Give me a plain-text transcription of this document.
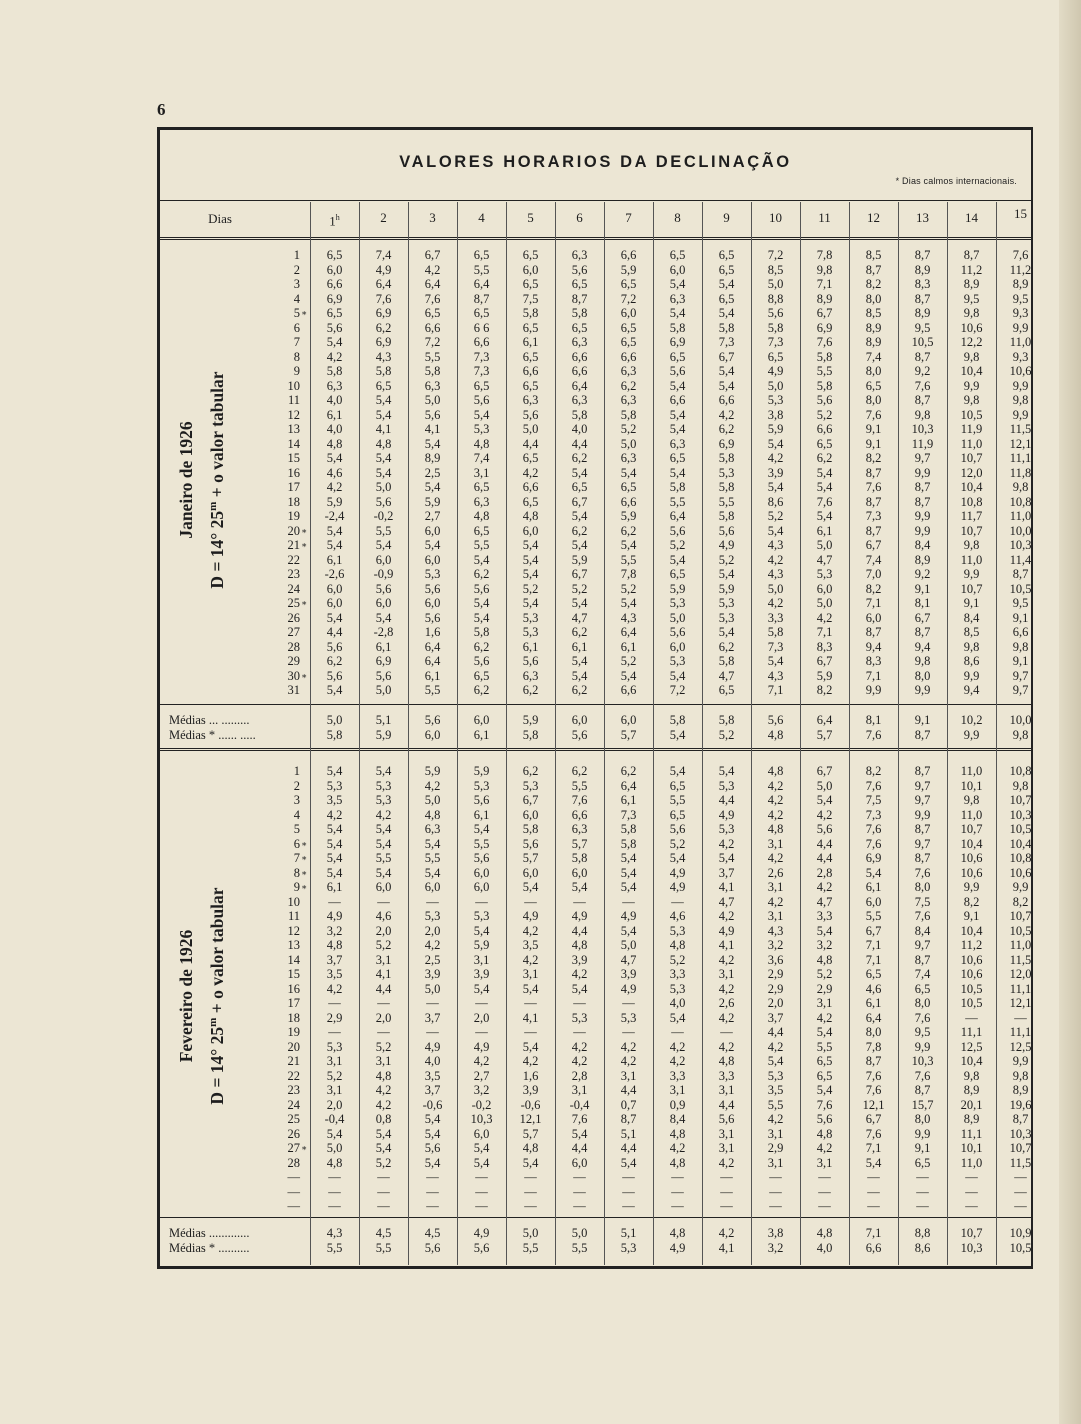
6
VALORES HORARIOS DA DECLINAÇÃO
* Dias calmos internacionais.
Dias	1$^h$	2	3	4	5	6	7	8	9	10	11	12	13	14	15
Janeiro de 1926
D = 14° $25^m + o$ valor tabular
1	6,5	7,4	6,7	6,5	6,5	6,3	6,6	6,5	6,5	7,2	7,8	8,5	8,7	8,7	7,6
2	6,0	4,9	4,2	5,5	6,0	5,6	5,9	6,0	6,5	8,5	9,8	8,7	8,9	11,2	11,2
3	6,6	6,4	6,4	6,4	6,5	6,5	6,5	5,4	5,4	5,0	7,1	8,2	8,3	8,9	8,9
4	6,9	7,6	7,6	8,7	7,5	8,7	7,2	6,3	6,5	8,8	8,9	8,0	8,7	9,5	9,5
5 ∗	6,5	6,9	6,5	6,5	5,8	5,8	6,0	5,4	5,4	5,6	6,7	8,5	8,9	9,8	9,3
6	5,6	6,2	6,6	6 6	6,5	6,5	6,5	5,8	5,8	5,8	6,9	8,9	9,5	10,6	9,9
7	5,4	6,9	7,2	6,6	6,1	6,3	6,5	6,9	7,3	7,3	7,6	8,9	10,5	12,2	11,0
8	4,2	4,3	5,5	7,3	6,5	6,6	6,6	6,5	6,7	6,5	5,8	7,4	8,7	9,8	9,3
9	5,8	5,8	5,8	7,3	6,6	6,6	6,3	5,6	5,4	4,9	5,5	8,0	9,2	10,4	10,6
10	6,3	6,5	6,3	6,5	6,5	6,4	6,2	5,4	5,4	5,0	5,8	6,5	7,6	9,9	9,9
11	4,0	5,4	5,0	5,6	6,3	6,3	6,3	6,6	6,6	5,3	5,6	8,0	8,7	9,8	9,8
12	6,1	5,4	5,6	5,4	5,6	5,8	5,8	5,4	4,2	3,8	5,2	7,6	9,8	10,5	9,9
13	4,0	4,1	4,1	5,3	5,0	4,0	5,2	5,4	6,2	5,9	6,6	9,1	10,3	11,9	11,5
14	4,8	4,8	5,4	4,8	4,4	4,4	5,0	6,3	6,9	5,4	6,5	9,1	11,9	11,0	12,1
15	5,4	5,4	8,9	7,4	6,5	6,2	6,3	6,5	5,8	4,2	6,2	8,2	9,7	10,7	11,1
16	4,6	5,4	2,5	3,1	4,2	5,4	5,4	5,4	5,3	3,9	5,4	8,7	9,9	12,0	11,8
17	4,2	5,0	5,4	6,5	6,6	6,5	6,5	5,8	5,8	5,4	5,4	7,6	8,7	10,4	9,8
18	5,9	5,6	5,9	6,3	6,5	6,7	6,6	5,5	5,5	8,6	7,6	8,7	8,7	10,8	10,8
19	-2,4	-0,2	2,7	4,8	4,8	5,4	5,9	6,4	5,8	5,2	5,4	7,3	9,9	11,7	11,0
20 ∗	5,4	5,5	6,0	6,5	6,0	6,2	6,2	5,6	5,6	5,4	6,1	8,7	9,9	10,7	10,0
21 ∗	5,4	5,4	5,4	5,5	5,4	5,4	5,4	5,2	4,9	4,3	5,0	6,7	8,4	9,8	10,3
22	6,1	6,0	6,0	5,4	5,4	5,9	5,5	5,4	5,2	4,2	4,7	7,4	8,9	11,0	11,4
23	-2,6	-0,9	5,3	6,2	5,4	6,7	7,8	6,5	5,4	4,3	5,3	7,0	9,2	9,9	8,7
24	6,0	5,6	5,6	5,6	5,2	5,2	5,2	5,9	5,9	5,0	6,0	8,2	9,1	10,7	10,5
25 ∗	6,0	6,0	6,0	5,4	5,4	5,4	5,4	5,3	5,3	4,2	5,0	7,1	8,1	9,1	9,5
26	5,4	5,4	5,6	5,4	5,3	4,7	4,3	5,0	5,3	3,3	4,2	6,0	6,7	8,4	9,1
27	4,4	-2,8	1,6	5,8	5,3	6,2	6,4	5,6	5,4	5,8	7,1	8,7	8,7	8,5	6,6
28	5,6	6,1	6,4	6,2	6,1	6,1	6,1	6,0	6,2	7,3	8,3	9,4	9,4	9,8	9,8
29	6,2	6,9	6,4	5,6	5,6	5,4	5,2	5,3	5,8	5,4	6,7	8,3	9,8	8,6	9,1
30 ∗	5,6	5,6	6,1	6,5	6,3	5,4	5,4	5,4	4,7	4,3	5,9	7,1	8,0	9,9	9,7
31	5,4	5,0	5,5	6,2	6,2	6,2	6,6	7,2	6,5	7,1	8,2	9,9	9,9	9,4	9,7
Médias ... .........	5,0	5,1	5,6	6,0	5,9	6,0	6,0	5,8	5,8	5,6	6,4	8,1	9,1	10,2	10,0
Médias * ...... .....	5,8	5,9	6,0	6,1	5,8	5,6	5,7	5,4	5,2	4,8	5,7	7,6	8,7	9,9	9,8
Fevereiro de 1926
D = 14° $25^m + o$ valor tabular
1	5,4	5,4	5,9	5,9	6,2	6,2	6,2	5,4	5,4	4,8	6,7	8,2	8,7	11,0	10,8
2	5,3	5,3	4,2	5,3	5,3	5,5	6,4	6,5	5,3	4,2	5,0	7,6	9,7	10,1	9,8
3	3,5	5,3	5,0	5,6	6,7	7,6	6,1	5,5	4,4	4,2	5,4	7,5	9,7	9,8	10,7
4	4,2	4,2	4,8	6,1	6,0	6,6	7,3	6,5	4,9	4,2	4,2	7,3	9,9	11,0	10,3
5	5,4	5,4	6,3	5,4	5,8	6,3	5,8	5,6	5,3	4,8	5,6	7,6	8,7	10,7	10,5
6 ∗	5,4	5,4	5,4	5,5	5,6	5,7	5,8	5,2	4,2	3,1	4,4	7,6	9,7	10,4	10,4
7 ∗	5,4	5,5	5,5	5,6	5,7	5,8	5,4	5,4	5,4	4,2	4,4	6,9	8,7	10,6	10,8
8 ∗	5,4	5,4	5,4	6,0	6,0	6,0	5,4	4,9	3,7	2,6	2,8	5,4	7,6	10,6	10,6
9 ∗	6,1	6,0	6,0	6,0	5,4	5,4	5,4	4,9	4,1	3,1	4,2	6,1	8,0	9,9	9,9
10	—	—	—	—	—	—	—	—	4,7	4,2	4,7	6,0	7,5	8,2	8,2
11	4,9	4,6	5,3	5,3	4,9	4,9	4,9	4,6	4,2	3,1	3,3	5,5	7,6	9,1	10,7
12	3,2	2,0	2,0	5,4	4,2	4,4	5,4	5,3	4,9	4,3	5,4	6,7	8,4	10,4	10,5
13	4,8	5,2	4,2	5,9	3,5	4,8	5,0	4,8	4,1	3,2	3,2	7,1	9,7	11,2	11,0
14	3,7	3,1	2,5	3,1	4,2	3,9	4,7	5,2	4,2	3,6	4,8	7,1	8,7	10,6	11,5
15	3,5	4,1	3,9	3,9	3,1	4,2	3,9	3,3	3,1	2,9	5,2	6,5	7,4	10,6	12,0
16	4,2	4,4	5,0	5,4	5,4	5,4	4,9	5,3	4,2	2,9	2,9	4,6	6,5	10,5	11,1
17	—	—	—	—	—	—	—	4,0	2,6	2,0	3,1	6,1	8,0	10,5	12,1
18	2,9	2,0	3,7	2,0	4,1	5,3	5,3	5,4	4,2	3,7	4,2	6,4	7,6	—	—
19	—	—	—	—	—	—	—	—	—	4,4	5,4	8,0	9,5	11,1	11,1
20	5,3	5,2	4,9	4,9	5,4	4,2	4,2	4,2	4,2	4,2	5,5	7,8	9,9	12,5	12,5
21	3,1	3,1	4,0	4,2	4,2	4,2	4,2	4,2	4,8	5,4	6,5	8,7	10,3	10,4	9,9
22	5,2	4,8	3,5	2,7	1,6	2,8	3,1	3,3	3,3	5,3	6,5	7,6	7,6	9,8	9,8
23	3,1	4,2	3,7	3,2	3,9	3,1	4,4	3,1	3,1	3,5	5,4	7,6	8,7	8,9	8,9
24	2,0	4,2	-0,6	-0,2	-0,6	-0,4	0,7	0,9	4,4	5,5	7,6	12,1	15,7	20,1	19,6
25	-0,4	0,8	5,4	10,3	12,1	7,6	8,7	8,4	5,6	4,2	5,6	6,7	8,0	8,9	8,7
26	5,4	5,4	5,4	6,0	5,7	5,4	5,1	4,8	3,1	3,1	4,8	7,6	9,9	11,1	10,3
27 ∗	5,0	5,4	5,6	5,4	4,8	4,4	4,4	4,2	3,1	2,9	4,2	7,1	9,1	10,1	10,7
28	4,8	5,2	5,4	5,4	5,4	6,0	5,4	4,8	4,2	3,1	3,1	5,4	6,5	11,0	11,5
—	—	—	—	—	—	—	—	—	—	—	—	—	—	—	—
—	—	—	—	—	—	—	—	—	—	—	—	—	—	—	—
—	—	—	—	—	—	—	—	—	—	—	—	—	—	—	—
Médias .............	4,3	4,5	4,5	4,9	5,0	5,0	5,1	4,8	4,2	3,8	4,8	7,1	8,8	10,7	10,9
Médias * ..........	5,5	5,5	5,6	5,6	5,5	5,5	5,3	4,9	4,1	3,2	4,0	6,6	8,6	10,3	10,5
